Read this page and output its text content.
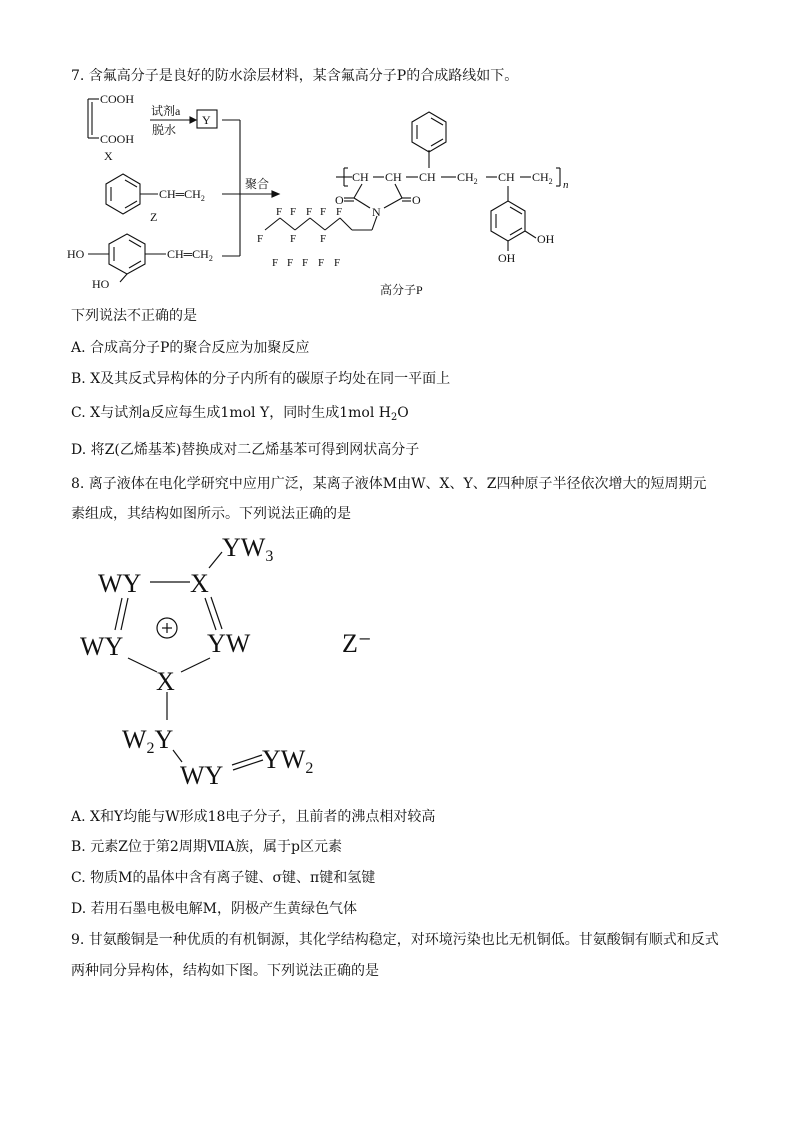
7. 含氟高分子是良好的防水涂层材料，某含氟高分子P的合成路线如下。
COOH
COOH
X
试剂a
脱水
Y
$CH═CH_2$
Z
聚合
HO
HO
$CH═CH_2$
CH CH CH $CH_2$ CH $CH_2$ n
N
O	O
F F F
F F
F
F F F F F
F F	OH
OH
高分子P
下列说法不正确的是
A. 合成高分子P的聚合反应为加聚反应
B. X及其反式异构体的分子内所有的碳原子均处在同一平面上
C. X与试剂a反应每生成1mol Y，同时生成1mol $H_2O$
D. 将Z(乙烯基苯)替换成对二乙烯基苯可得到网状高分子
8. 离子液体在电化学研究中应用广泛，某离子液体M由W、X、Y、Z四种原子半径依次增大的短周期元
素组成，其结构如图所示。下列说法正确的是
YW3
WY X
WY	YW
X
W2Y
WY
YW2
Z⁻
A. X和Y均能与W形成18电子分子，且前者的沸点相对较高
B. 元素Z位于第2周期ⅦA族，属于p区元素
C. 物质M的晶体中含有离子键、σ键、π键和氢键
D. 若用石墨电极电解M，阴极产生黄绿色气体
9. 甘氨酸铜是一种优质的有机铜源，其化学结构稳定，对环境污染也比无机铜低。甘氨酸铜有顺式和反式
两种同分异构体，结构如下图。下列说法正确的是
